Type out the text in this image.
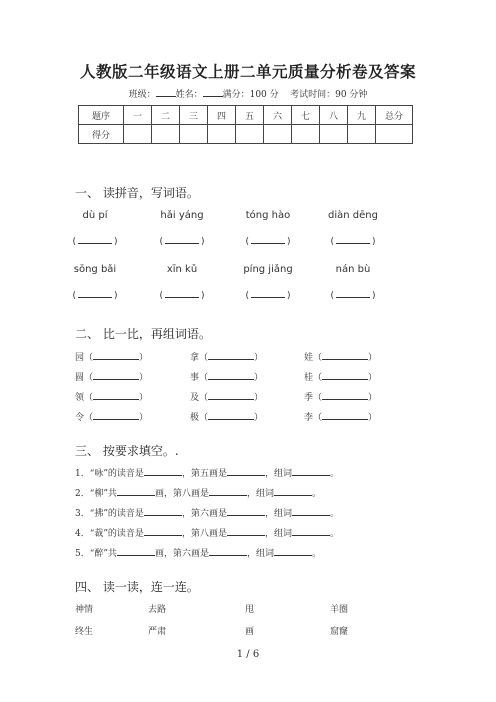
人教版二年级语文上册二单元质量分析卷及答案
班级： 姓名： 满分：100 分 考试时间：90 分钟
题序	一	二	三	四	五	六	七	八	九	总分
得分										
一、 读拼音，写词语。
dù pí	hǎi yáng	tóng hào	diàn dēng
(	)	(	)	(	)	(	)
sōng bǎi	xīn kǔ	píng jiǎng	nán bù
(	)	(	)	(	)	(	)
二、 比一比，再组词语。
园（	）	拿（	）	娃（	）
圆（	）	事（	）	桂（	）
领（	）	及（	）	季（	）
令（	）	极（	）	李（	）
三、 按要求填空。.
1．“咏”的读音是	，第五画是	，组词	。
2．“柳”共	画，第八画是	，组词	。
3．“拂”的读音是	，第六画是	，组词	。
4．“裁”的读音是	，第八画是	，组词	。
5．“醉”共	画，第六画是	，组词	。
四、 读一读，连一连。
神情	去路	甩	羊圈
终生	严肃	画	窟窿
1 / 6
